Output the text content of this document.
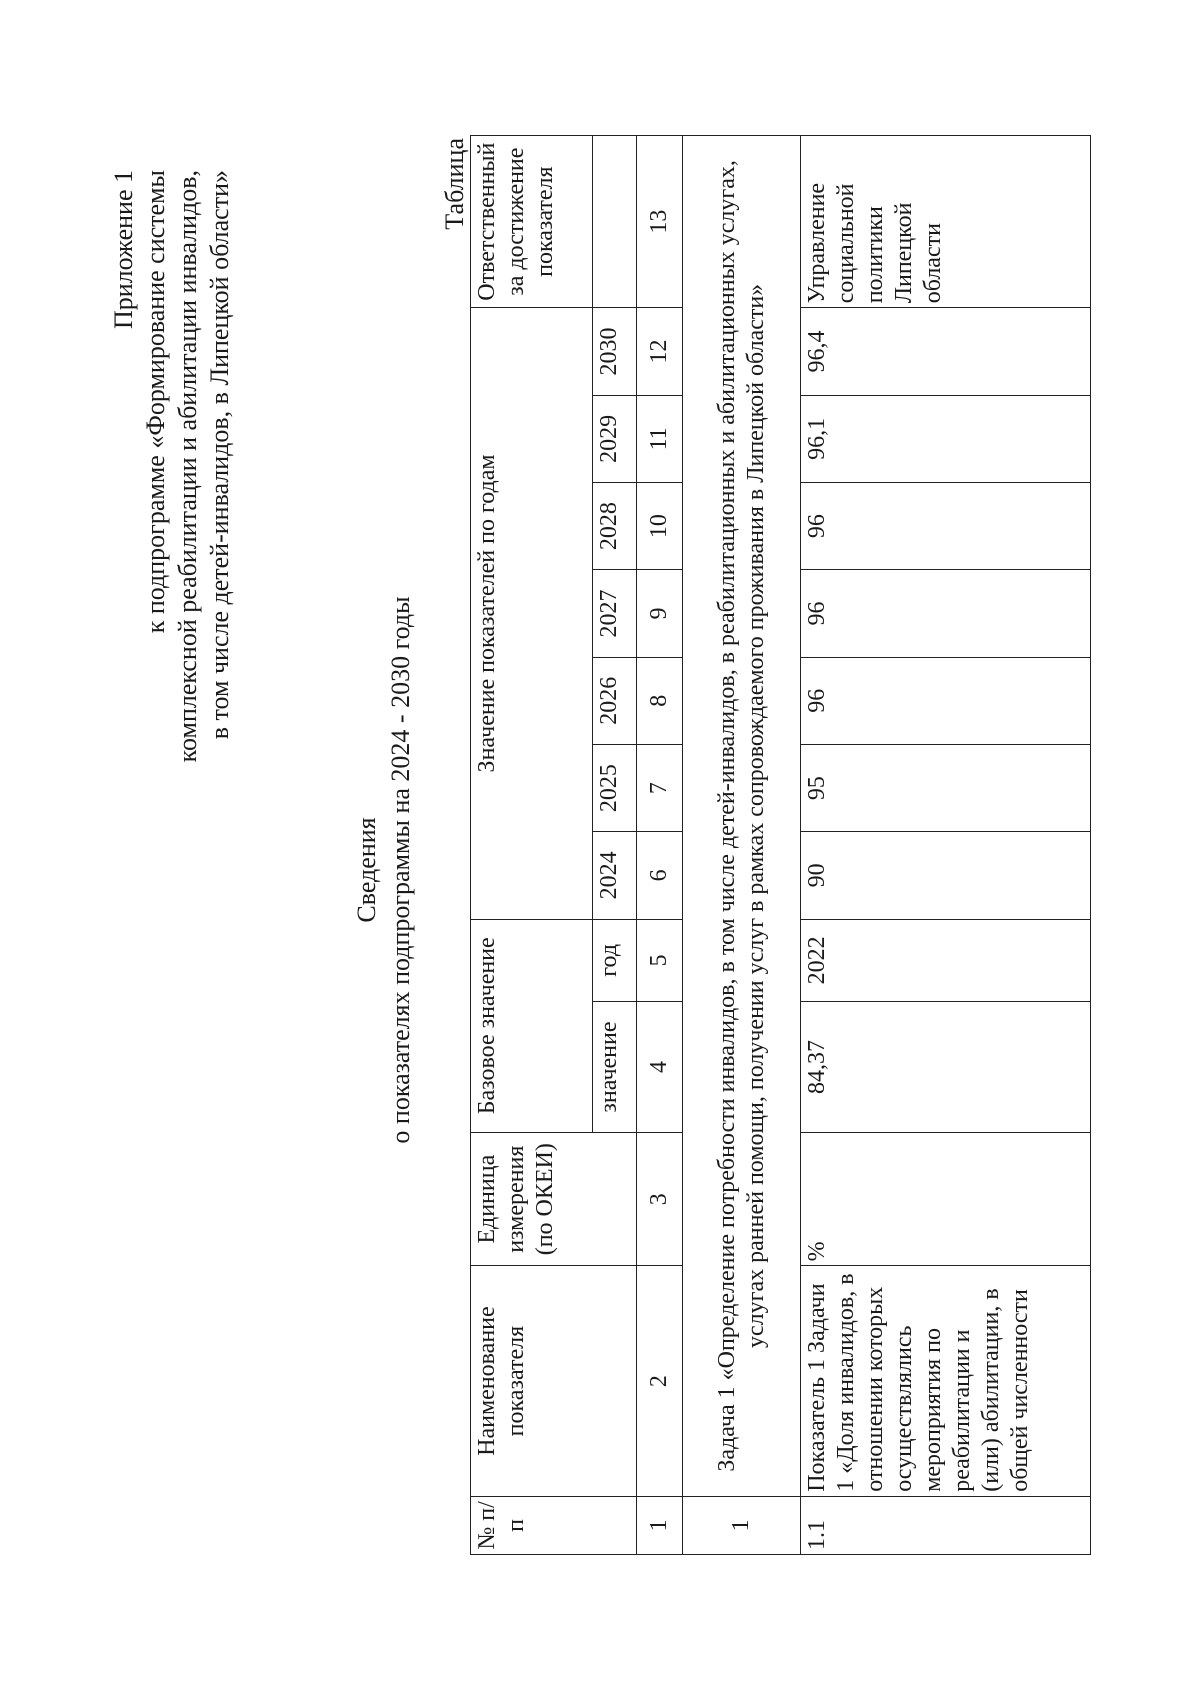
Приложение 1 к подпрограмме «Формирование системы комплексной реабилитации и абилитации инвалидов, в том числе детей-инвалидов, в Липецкой области»
Сведения о показателях подпрограммы на 2024 - 2030 годы
Таблица
№ п/п	Наименование показателя	Единица измерения (по ОКЕИ)	Базовое значение		Значение показателей по годам							Ответственный за достижение показателя
			значение	год	2024	2025	2026	2027	2028	2029	2030	
1	2	3	4	5	6	7	8	9	10	11	12	13
1	Задача 1 «Определение потребности инвалидов, в том числе детей-инвалидов, в реабилитационных и абилитационных услугах, услугах ранней помощи, получении услуг в рамках сопровождаемого проживания в Липецкой области»											
1.1	Показатель 1 Задачи 1 «Доля инвалидов, в отношении которых осуществлялись мероприятия по реабилитации и (или) абилитации, в общей численности	%	84,37	2022	90	95	96	96	96	96,1	96,4	Управление социальной политики Липецкой области
